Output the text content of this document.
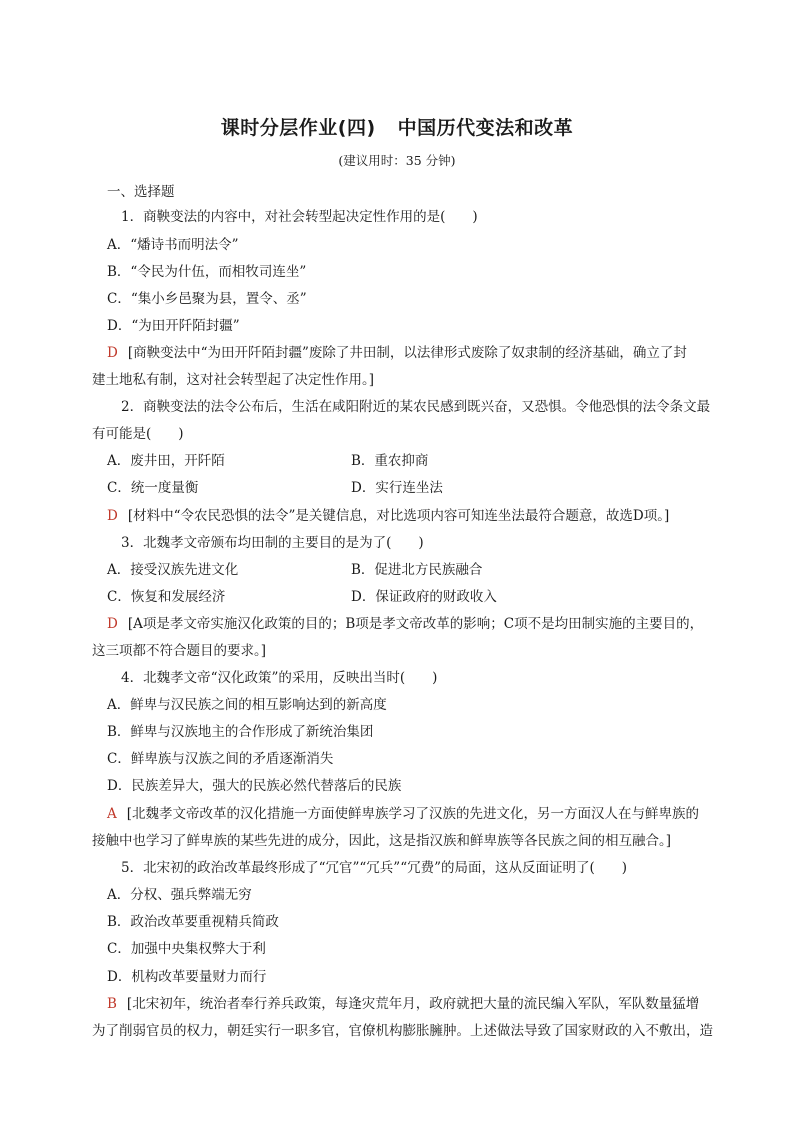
课时分层作业(四) 中国历代变法和改革
(建议用时：35 分钟)
一、选择题
1．商鞅变法的内容中，对社会转型起决定性作用的是(　　)
A．“燔诗书而明法令”
B．“令民为什伍，而相牧司连坐”
C．“集小乡邑聚为县，置令、丞”
D．“为田开阡陌封疆”
D [商鞅变法中“为田开阡陌封疆”废除了井田制，以法律形式废除了奴隶制的经济基础，确立了封
建土地私有制，这对社会转型起了决定性作用。]
2．商鞅变法的法令公布后，生活在咸阳附近的某农民感到既兴奋，又恐惧。令他恐惧的法令条文最
有可能是(　　)
A．废井田，开阡陌	B．重农抑商
C．统一度量衡	D．实行连坐法
D [材料中“令农民恐惧的法令”是关键信息，对比选项内容可知连坐法最符合题意，故选D项。]
3．北魏孝文帝颁布均田制的主要目的是为了(　　)
A．接受汉族先进文化	B．促进北方民族融合
C．恢复和发展经济	D．保证政府的财政收入
D [A项是孝文帝实施汉化政策的目的；B项是孝文帝改革的影响；C项不是均田制实施的主要目的，
这三项都不符合题目的要求。]
4．北魏孝文帝“汉化政策”的采用，反映出当时(　　)
A．鲜卑与汉民族之间的相互影响达到的新高度
B．鲜卑与汉族地主的合作形成了新统治集团
C．鲜卑族与汉族之间的矛盾逐渐消失
D．民族差异大，强大的民族必然代替落后的民族
A [北魏孝文帝改革的汉化措施一方面使鲜卑族学习了汉族的先进文化，另一方面汉人在与鲜卑族的
接触中也学习了鲜卑族的某些先进的成分，因此，这是指汉族和鲜卑族等各民族之间的相互融合。]
5．北宋初的政治改革最终形成了“冗官”“冗兵”“冗费”的局面，这从反面证明了(　　)
A．分权、强兵弊端无穷
B．政治改革要重视精兵简政
C．加强中央集权弊大于利
D．机构改革要量财力而行
B [北宋初年，统治者奉行养兵政策，每逢灾荒年月，政府就把大量的流民编入军队，军队数量猛增
为了削弱官员的权力，朝廷实行一职多官，官僚机构膨胀臃肿。上述做法导致了国家财政的入不敷出，造
